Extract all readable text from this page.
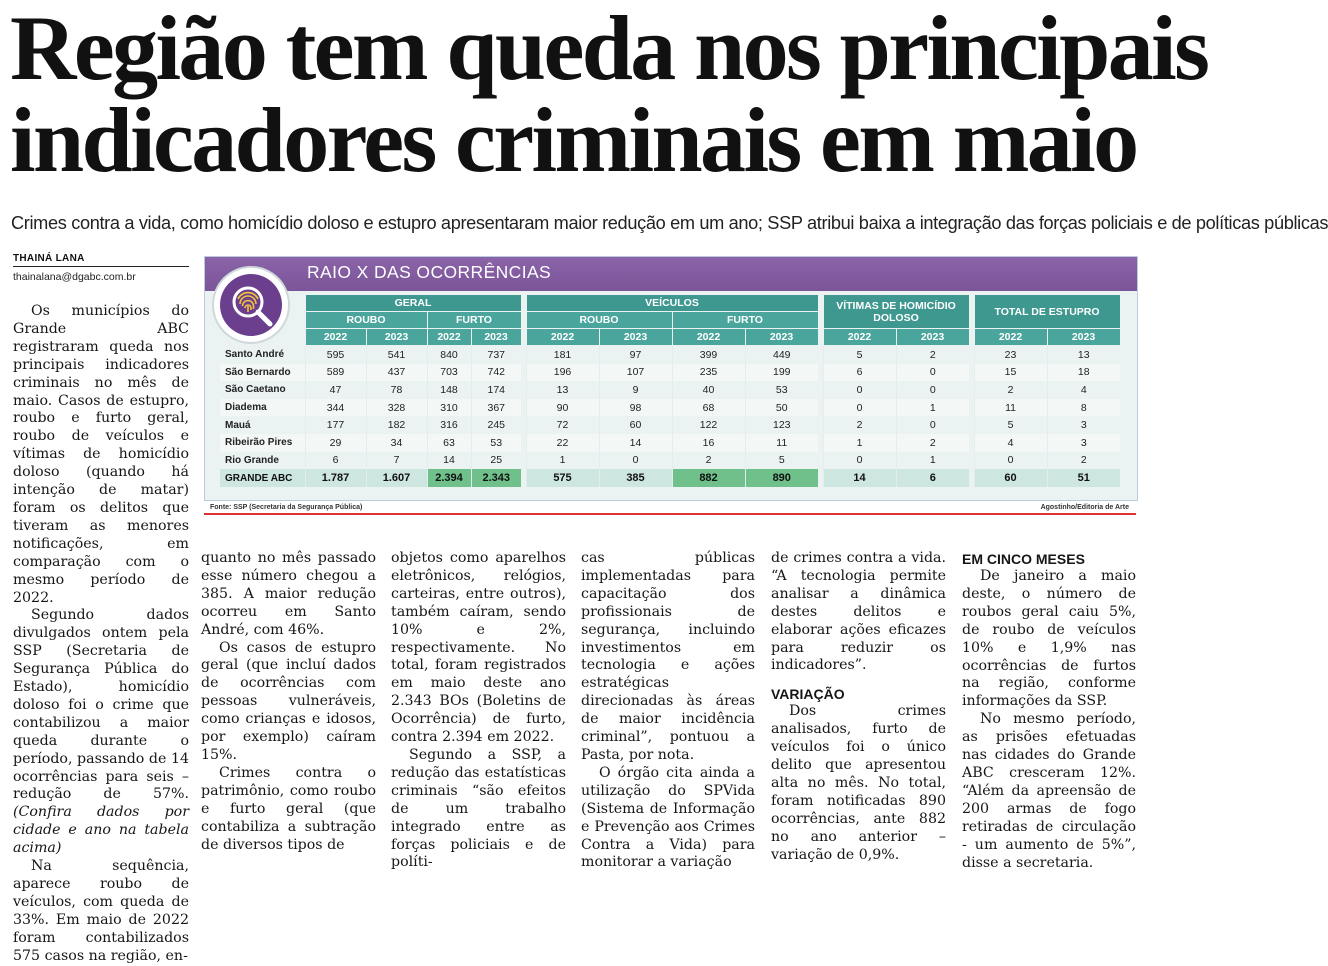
Região tem queda nos principais
indicadores criminais em maio

Crimes contra a vida, como homicídio doloso e estupro apresentaram maior redução em um ano; SSP atribui baixa a integração das forças policiais e de políticas públicas

THAINÁ LANA
thainalana@dgabc.com.br	RAIO X DAS OCORRÊNCIAS
	GERAL					VEÍCULOS					VÍTIMAS DE HOMICÍDIO DOLOSO			TOTAL DE ESTUPRO	
	ROUBO		FURTO			ROUBO		FURTO							
	2022	2023	2022	2023		2022	2023	2022	2023		2022	2023		2022	2023
Santo André	595	541	840	737		181	97	399	449		5	2		23	13
São Bernardo	589	437	703	742		196	107	235	199		6	0		15	18
São Caetano	47	78	148	174		13	9	40	53		0	0		2	4
Diadema	344	328	310	367		90	98	68	50		0	1		11	8
Mauá	177	182	316	245		72	60	122	123		2	0		5	3
Ribeirão Pires	29	34	63	53		22	14	16	11		1	2		4	3
Rio Grande	6	7	14	25		1	0	2	5		0	1		0	2
GRANDE ABC	1.787	1.607	2.394	2.343		575	385	882	890		14	6		60	51
Fonte: SSP (Secretaria da Segurança Pública)	Agostinho/Editoria de Arte

Os municípios do Grande ABC registraram queda nos principais indicadores criminais no mês de maio. Casos de estupro, roubo e furto geral, roubo de veículos e vítimas de homicídio doloso (quando há intenção de matar) foram os delitos que tiveram as menores notificações, em comparação com o mesmo período de 2022.

Segundo dados divulgados ontem pela SSP (Secretaria de Segurança Pública do Estado), homicídio doloso foi o crime que contabilizou a maior queda durante o período, passando de 14 ocorrências para seis – redução de 57%. (Confira dados por cidade e ano na tabela acima)

Na sequência, aparece roubo de veículos, com queda de 33%. Em maio de 2022 foram contabilizados 575 casos na região, en-

quanto no mês passado esse número chegou a 385. A maior redução ocorreu em Santo André, com 46%.

Os casos de estupro geral (que incluí dados de ocorrências com pessoas vulneráveis, como crianças e idosos, por exemplo) caíram 15%.

Crimes contra o patrimônio, como roubo e furto geral (que contabiliza a subtração de diversos tipos de

objetos como aparelhos eletrônicos, relógios, carteiras, entre outros), também caíram, sendo 10% e 2%, respectivamente. No total, foram registrados em maio deste ano 2.343 BOs (Boletins de Ocorrência) de furto, contra 2.394 em 2022.

Segundo a SSP, a redução das estatísticas criminais “são efeitos de um trabalho integrado entre as forças policiais e de políti-

cas públicas implementadas para capacitação dos profissionais de segurança, incluindo investimentos em tecnologia e ações estratégicas direcionadas às áreas de maior incidência criminal”, pontuou a Pasta, por nota.

O órgão cita ainda a utilização do SPVida (Sistema de Informação e Prevenção aos Crimes Contra a Vida) para monitorar a variação

de crimes contra a vida. “A tecnologia permite analisar a dinâmica destes delitos e elaborar ações eficazes para reduzir os indicadores”.

VARIAÇÃO

Dos crimes analisados, furto de veículos foi o único delito que apresentou alta no mês. No total, foram notificadas 890 ocorrências, ante 882 no ano anterior – variação de 0,9%.

EM CINCO MESES

De janeiro a maio deste, o número de roubos geral caiu 5%, de roubo de veículos 10% e 1,9% nas ocorrências de furtos na região, conforme informações da SSP.

No mesmo período, as prisões efetuadas nas cidades do Grande ABC cresceram 12%. “Além da apreensão de 200 armas de fogo retiradas de circulação - um aumento de 5%”, disse a secretaria.
